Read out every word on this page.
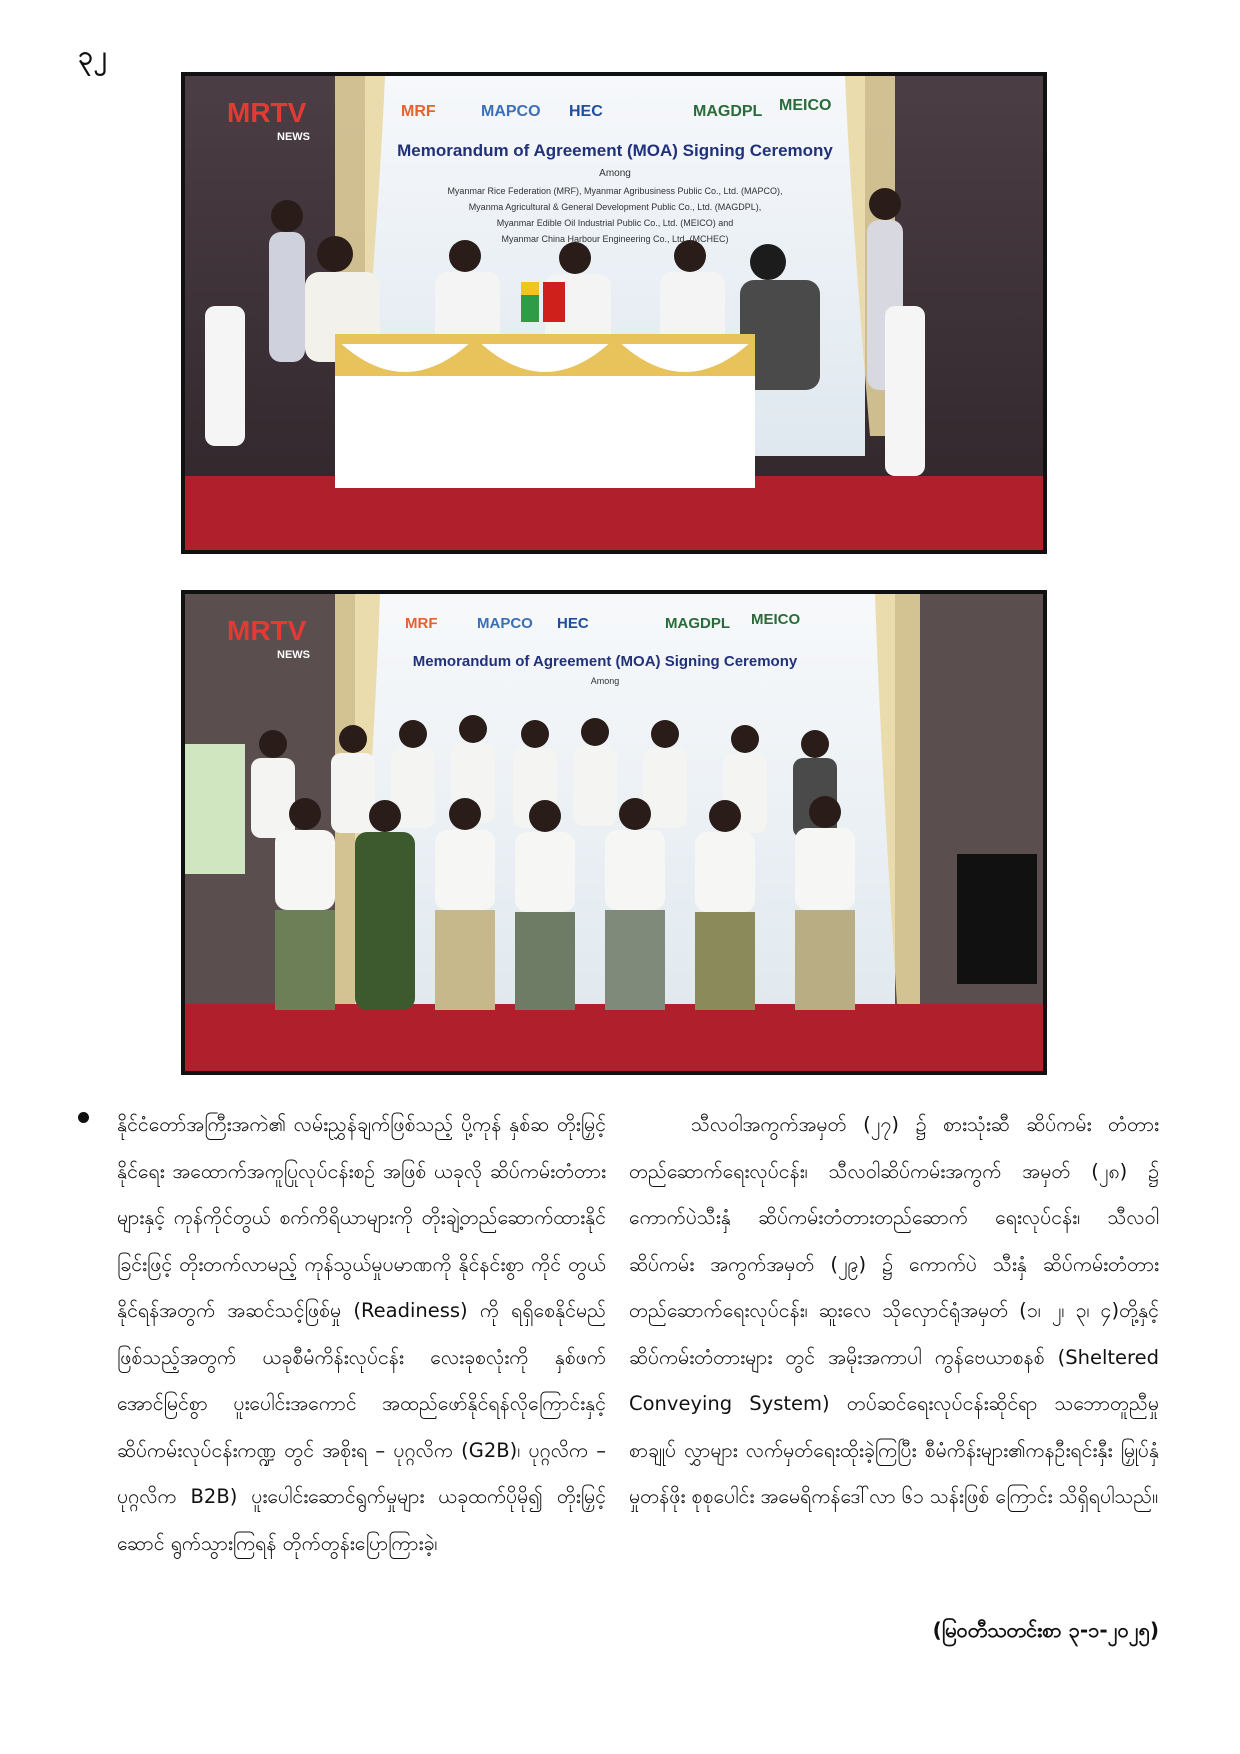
၃၂
MRTV
NEWS
MRF	MAPCO HEC	MAGDPL MEICO
Memorandum of Agreement (MOA) Signing Ceremony
Among
Myanmar Rice Federation (MRF), Myanmar Agribusiness Public Co., Ltd. (MAPCO),
Myanma Agricultural & General Development Public Co., Ltd. (MAGDPL),
Myanmar Edible Oil Industrial Public Co., Ltd. (MEICO) and
Myanmar China Harbour Engineering Co., Ltd. (MCHEC)
MRTV
NEWS
MRF	MAPCO HEC	MAGDPL MEICO
Memorandum of Agreement (MOA) Signing Ceremony
Among

နိုင်ငံတော်အကြီးအကဲ၏ လမ်းညွှန်ချက်ဖြစ်သည့် ပို့ကုန် နှစ်ဆ တိုးမြှင့်နိုင်ရေး အထောက်အကူပြုလုပ်ငန်းစဉ် အဖြစ် ယခုလို ဆိပ်ကမ်းတံတားများနှင့် ကုန်ကိုင်တွယ် စက်ကိရိယာများကို တိုးချဲ့တည်ဆောက်ထားနိုင်ခြင်းဖြင့် တိုးတက်လာမည့် ကုန်သွယ်မှုပမာဏကို နိုင်နင်းစွာ ကိုင် တွယ်နိုင်ရန်အတွက် အဆင်သင့်ဖြစ်မှု (Readiness) ကို ရရှိစေနိုင်မည်ဖြစ်သည့်အတွက် ယခုစီမံကိန်းလုပ်ငန်း လေးခုစလုံးကို နှစ်ဖက်အောင်မြင်စွာ ပူးပေါင်းအကောင် အထည်ဖော်နိုင်ရန်လိုကြောင်းနှင့် ဆိပ်ကမ်းလုပ်ငန်းကဏ္ဍ တွင် အစိုးရ – ပုဂ္ဂလိက (G2B)၊ ပုဂ္ဂလိက – ပုဂ္ဂလိက B2B) ပူးပေါင်းဆောင်ရွက်မှုများ ယခုထက်ပိုမို၍ တိုးမြှင့်ဆောင် ရွက်သွားကြရန် တိုက်တွန်းပြောကြားခဲ့၊

သီလဝါအကွက်အမှတ် (၂၇) ၌ စားသုံးဆီ ဆိပ်ကမ်း တံတားတည်ဆောက်ရေးလုပ်ငန်း၊ သီလဝါဆိပ်ကမ်းအကွက် အမှတ် (၂၈) ၌ ကောက်ပဲသီးနှံ ဆိပ်ကမ်းတံတားတည်ဆောက် ရေးလုပ်ငန်း၊ သီလဝါဆိပ်ကမ်း အကွက်အမှတ် (၂၉) ၌ ကောက်ပဲ သီးနှံ ဆိပ်ကမ်းတံတားတည်ဆောက်ရေးလုပ်ငန်း၊ ဆူးလေ သိုလှောင်ရုံအမှတ် (၁၊ ၂၊ ၃၊ ၄)တို့နှင့် ဆိပ်ကမ်းတံတားများ တွင် အမိုးအကာပါ ကွန်ဗေယာစနစ် (Sheltered Conveying System) တပ်ဆင်ရေးလုပ်ငန်းဆိုင်ရာ သဘောတူညီမှုစာချုပ် လွှာများ လက်မှတ်ရေးထိုးခဲ့ကြပြီး စီမံကိန်းများ၏ကနဦးရင်းနှီး မြှုပ်နှံမှုတန်ဖိုး စုစုပေါင်း အမေရိကန်ဒေါ်လာ ၆၁ သန်းဖြစ် ကြောင်း သိရှိရပါသည်။

(မြဝတီသတင်းစာ ၃-၁-၂၀၂၅)
